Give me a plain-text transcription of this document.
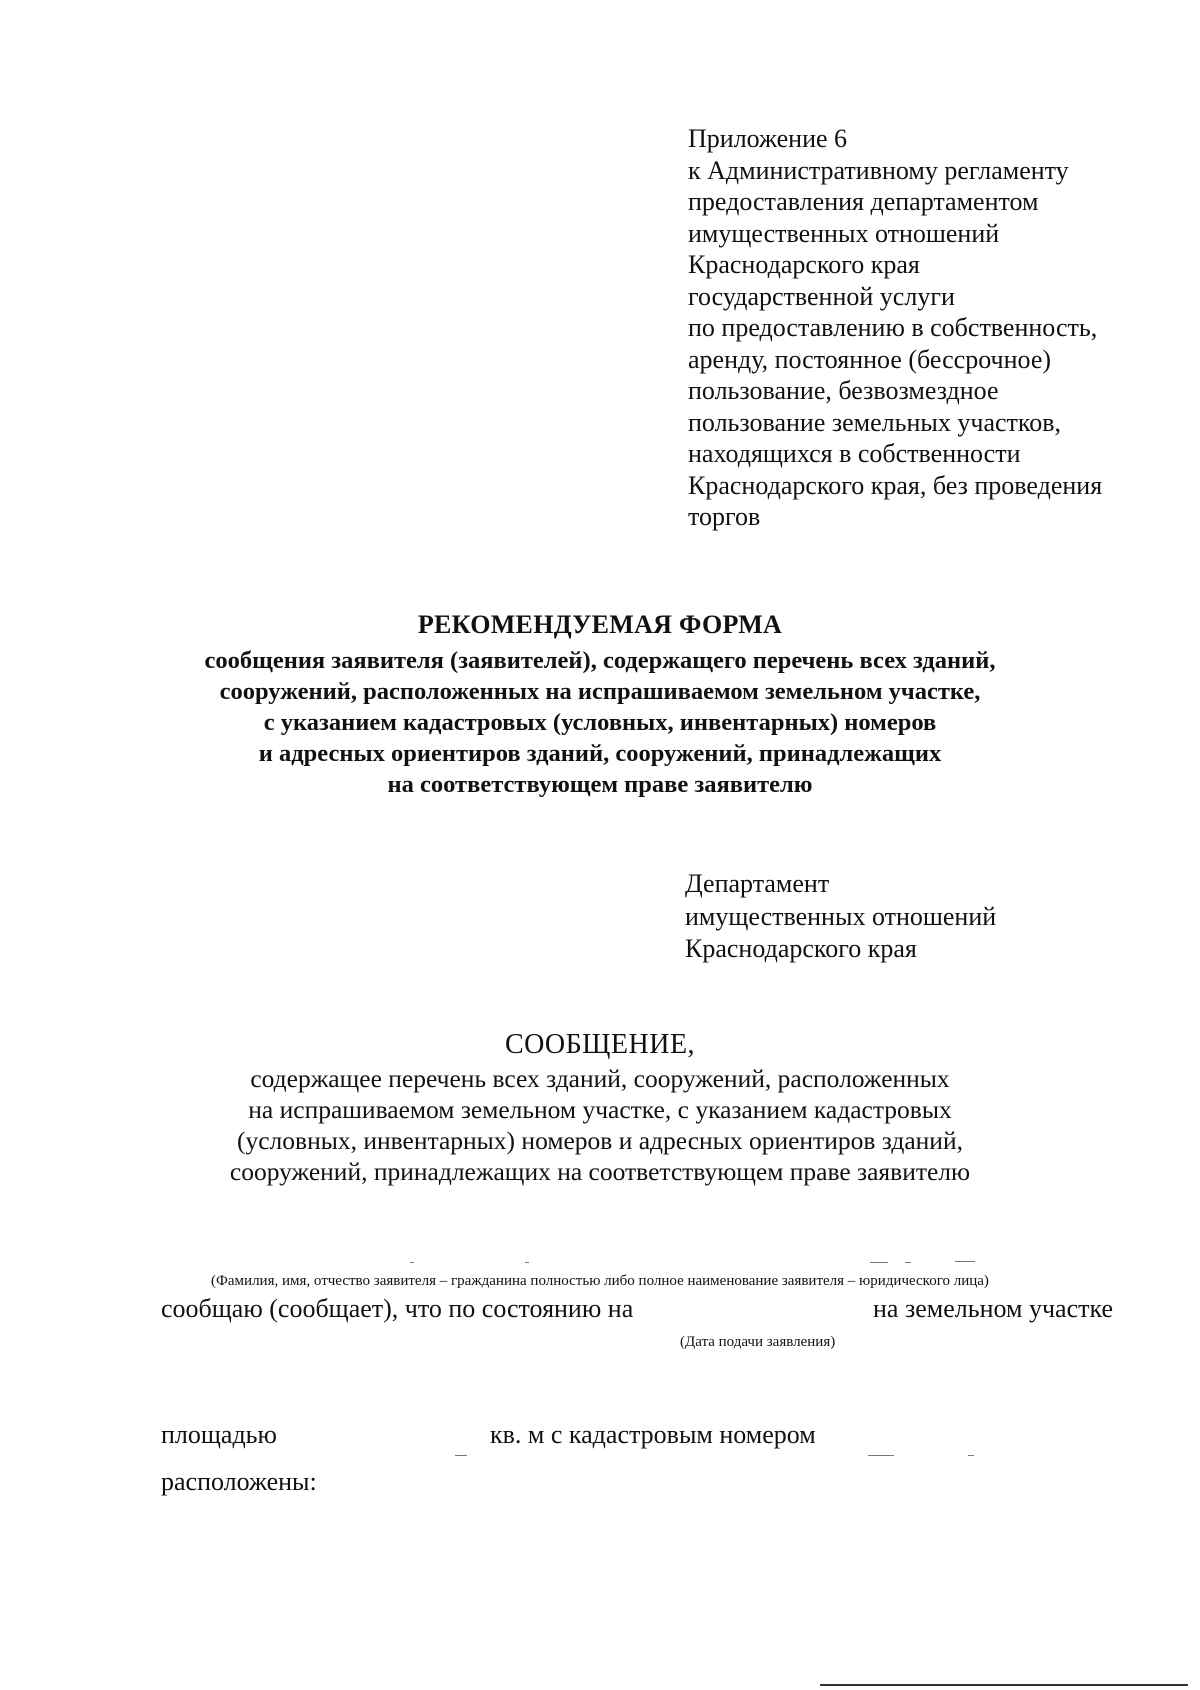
Приложение 6
к Административному регламенту
предоставления департаментом
имущественных отношений
Краснодарского края
государственной услуги
по предоставлению в собственность,
аренду, постоянное (бессрочное)
пользование, безвозмездное
пользование земельных участков,
находящихся в собственности
Краснодарского края, без проведения
торгов
РЕКОМЕНДУЕМАЯ ФОРМА
сообщения заявителя (заявителей), содержащего перечень всех зданий,
сооружений, расположенных на испрашиваемом земельном участке,
с указанием кадастровых (условных, инвентарных) номеров
и адресных ориентиров зданий, сооружений, принадлежащих
на соответствующем праве заявителю
Департамент
имущественных отношений
Краснодарского края
СООБЩЕНИЕ,
содержащее перечень всех зданий, сооружений, расположенных
на испрашиваемом земельном участке, с указанием кадастровых
(условных, инвентарных) номеров и адресных ориентиров зданий,
сооружений, принадлежащих на соответствующем праве заявителю
(Фамилия, имя, отчество заявителя – гражданина полностью либо полное наименование заявителя – юридического лица)
сообщаю (сообщает), что по состоянию на	на земельном участке
(Дата подачи заявления)
площадью	кв. м с кадастровым номером
расположены:
